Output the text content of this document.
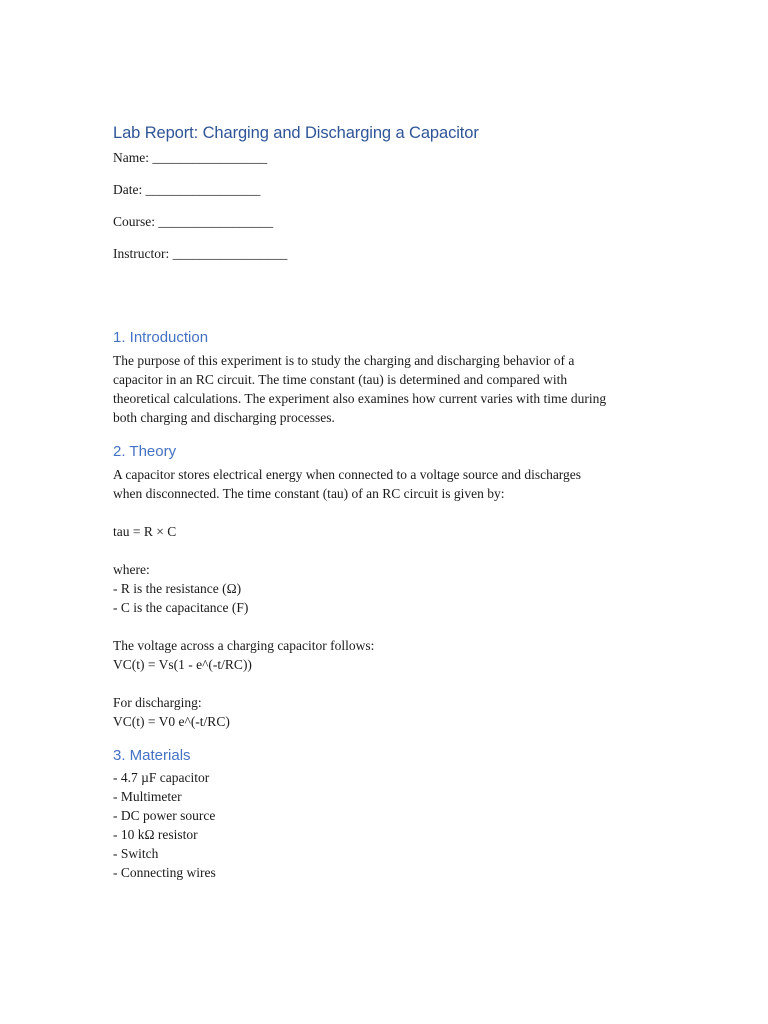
Lab Report: Charging and Discharging a Capacitor
Name: _________________
Date: _________________
Course: _________________
Instructor: _________________
1. Introduction
The purpose of this experiment is to study the charging and discharging behavior of a
capacitor in an RC circuit. The time constant (tau) is determined and compared with
theoretical calculations. The experiment also examines how current varies with time during
both charging and discharging processes.
2. Theory
A capacitor stores electrical energy when connected to a voltage source and discharges
when disconnected. The time constant (tau) of an RC circuit is given by:
tau = R × C
where:
- R is the resistance (Ω)
- C is the capacitance (F)
The voltage across a charging capacitor follows:
VC(t) = Vs(1 - e^(-t/RC))
For discharging:
VC(t) = V0 e^(-t/RC)
3. Materials
- 4.7 µF capacitor
- Multimeter
- DC power source
- 10 kΩ resistor
- Switch
- Connecting wires
